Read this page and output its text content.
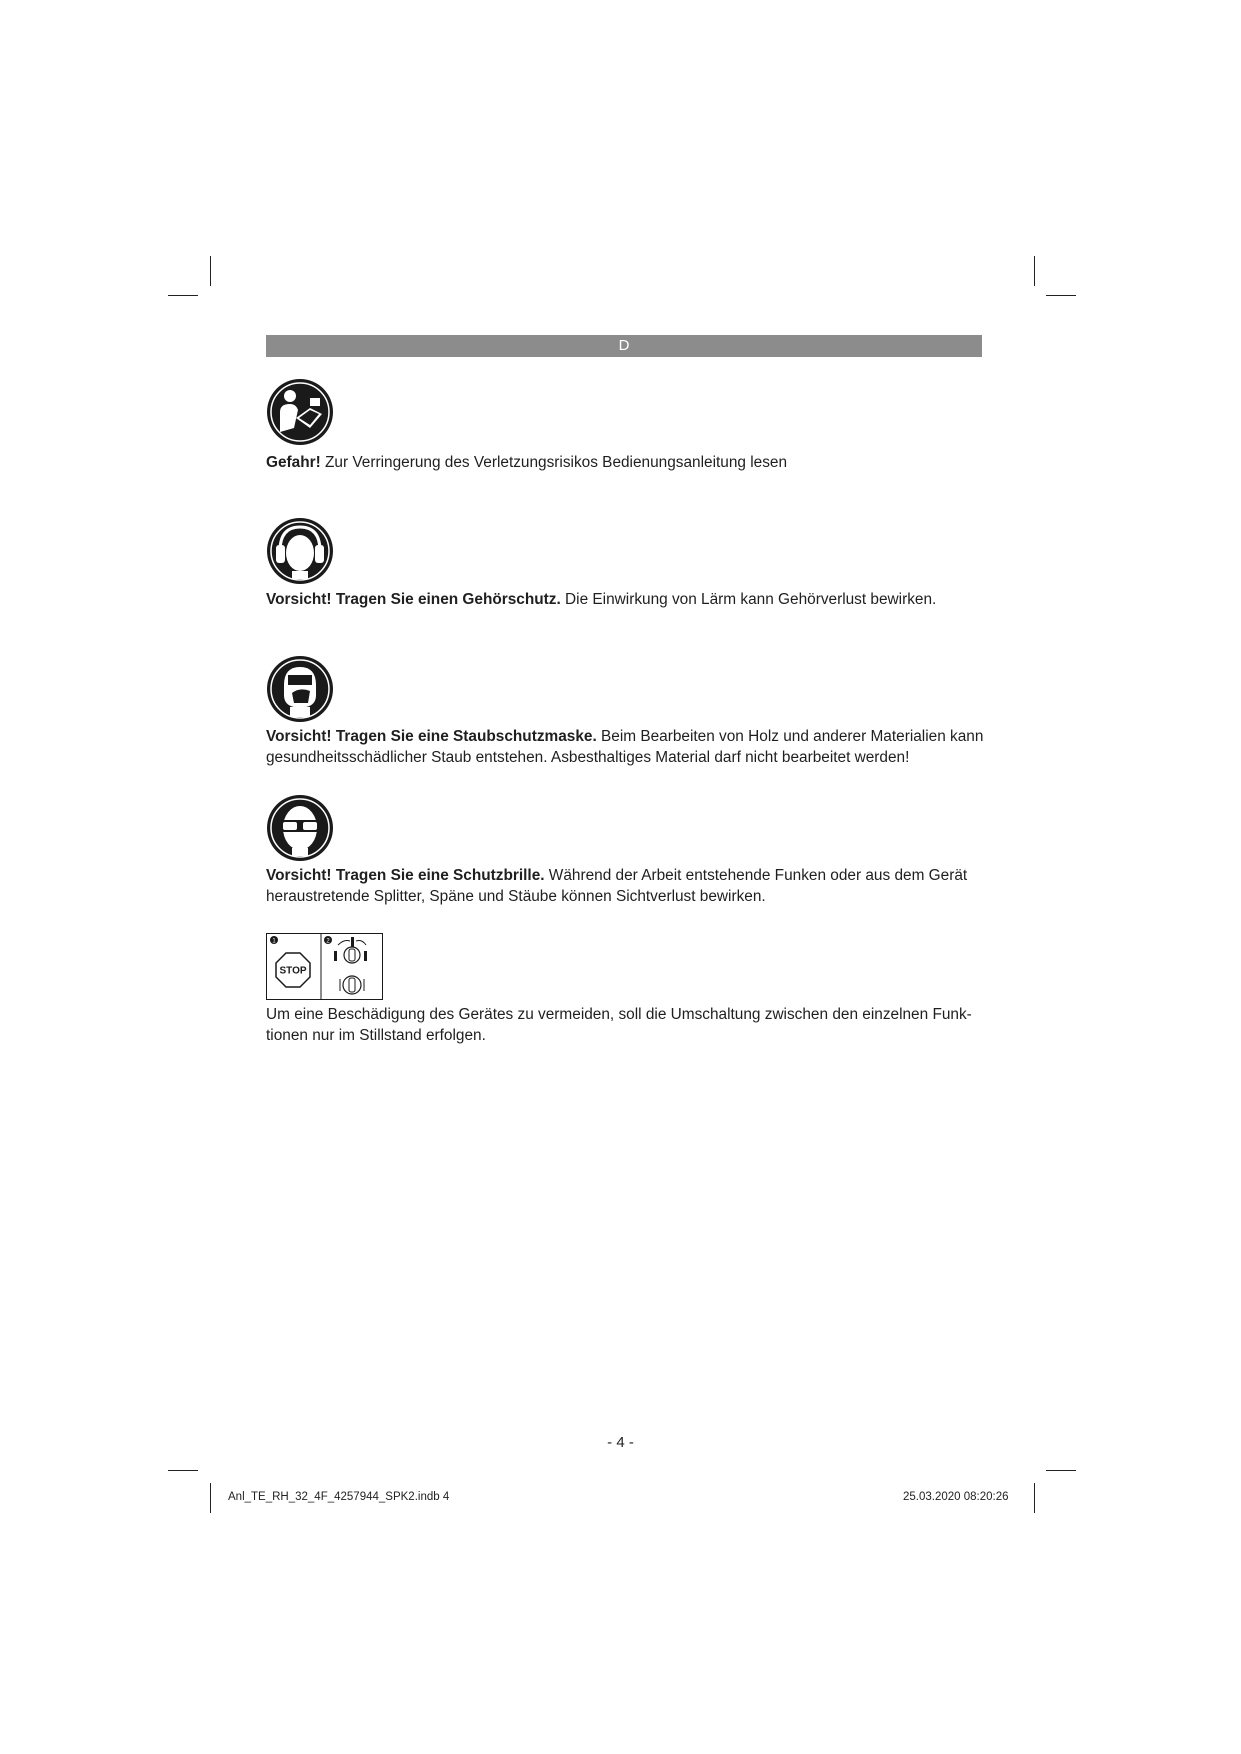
D
Gefahr! Zur Verringerung des Verletzungsrisikos Bedienungsanleitung lesen
Vorsicht! Tragen Sie einen Gehörschutz. Die Einwirkung von Lärm kann Gehörverlust bewirken.
Vorsicht! Tragen Sie eine Staubschutzmaske. Beim Bearbeiten von Holz und anderer Materialien kann gesundheitsschädlicher Staub entstehen. Asbesthaltiges Material darf nicht bearbeitet werden!
Vorsicht! Tragen Sie eine Schutzbrille. Während der Arbeit entstehende Funken oder aus dem Gerät heraustretende Splitter, Späne und Stäube können Sichtverlust bewirken.
1
STOP
2
Um eine Beschädigung des Gerätes zu vermeiden, soll die Umschaltung zwischen den einzelnen Funk-tionen nur im Stillstand erfolgen.
- 4 -
Anl_TE_RH_32_4F_4257944_SPK2.indb 4	25.03.2020 08:20:26
